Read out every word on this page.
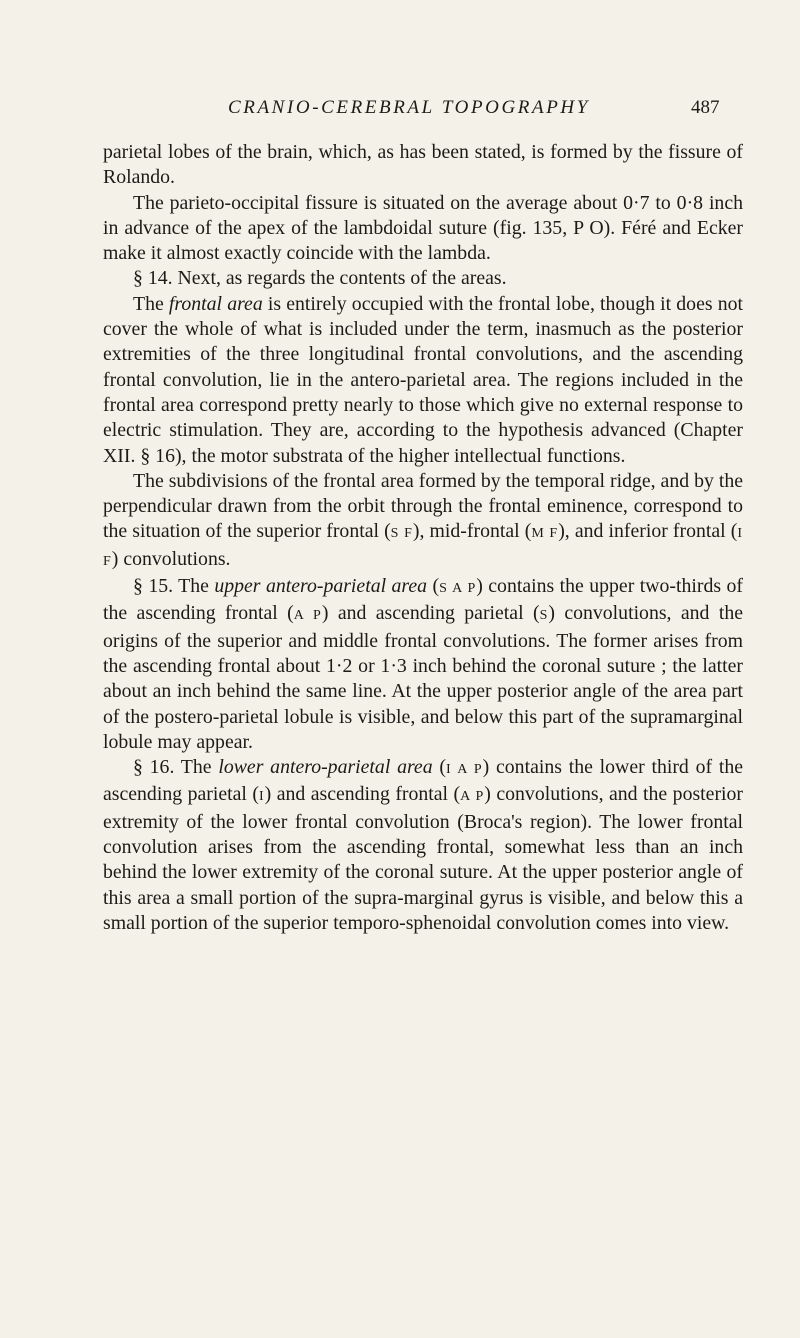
CRANIO-CEREBRAL TOPOGRAPHY	487

parietal lobes of the brain, which, as has been stated, is formed by the fissure of Rolando.

The parieto-occipital fissure is situated on the average about 0·7 to 0·8 inch in advance of the apex of the lambdoidal suture (fig. 135, P O). Féré and Ecker make it almost exactly coincide with the lambda.

§ 14. Next, as regards the contents of the areas.

The frontal area is entirely occupied with the frontal lobe, though it does not cover the whole of what is included under the term, inasmuch as the posterior extremities of the three longitudinal frontal convolutions, and the ascending frontal convolution, lie in the antero-parietal area. The regions included in the frontal area correspond pretty nearly to those which give no external response to electric stimulation. They are, according to the hypothesis advanced (Chapter XII. § 16), the motor substrata of the higher intellectual functions.

The subdivisions of the frontal area formed by the temporal ridge, and by the perpendicular drawn from the orbit through the frontal eminence, correspond to the situation of the superior frontal (S F), mid-frontal (M F), and inferior frontal (I F) convolutions.

§ 15. The upper antero-parietal area (S A P) contains the upper two-thirds of the ascending frontal (A P) and ascending parietal (S) convolutions, and the origins of the superior and middle frontal convolutions. The former arises from the ascending frontal about 1·2 or 1·3 inch behind the coronal suture ; the latter about an inch behind the same line. At the upper posterior angle of the area part of the postero-parietal lobule is visible, and below this part of the supramarginal lobule may appear.

§ 16. The lower antero-parietal area (I A P) contains the lower third of the ascending parietal (I) and ascending frontal (A P) convolutions, and the posterior extremity of the lower frontal convolution (Broca's region). The lower frontal convolution arises from the ascending frontal, somewhat less than an inch behind the lower extremity of the coronal suture. At the upper posterior angle of this area a small portion of the supra-marginal gyrus is visible, and below this a small portion of the superior temporo-sphenoidal convolution comes into view.
